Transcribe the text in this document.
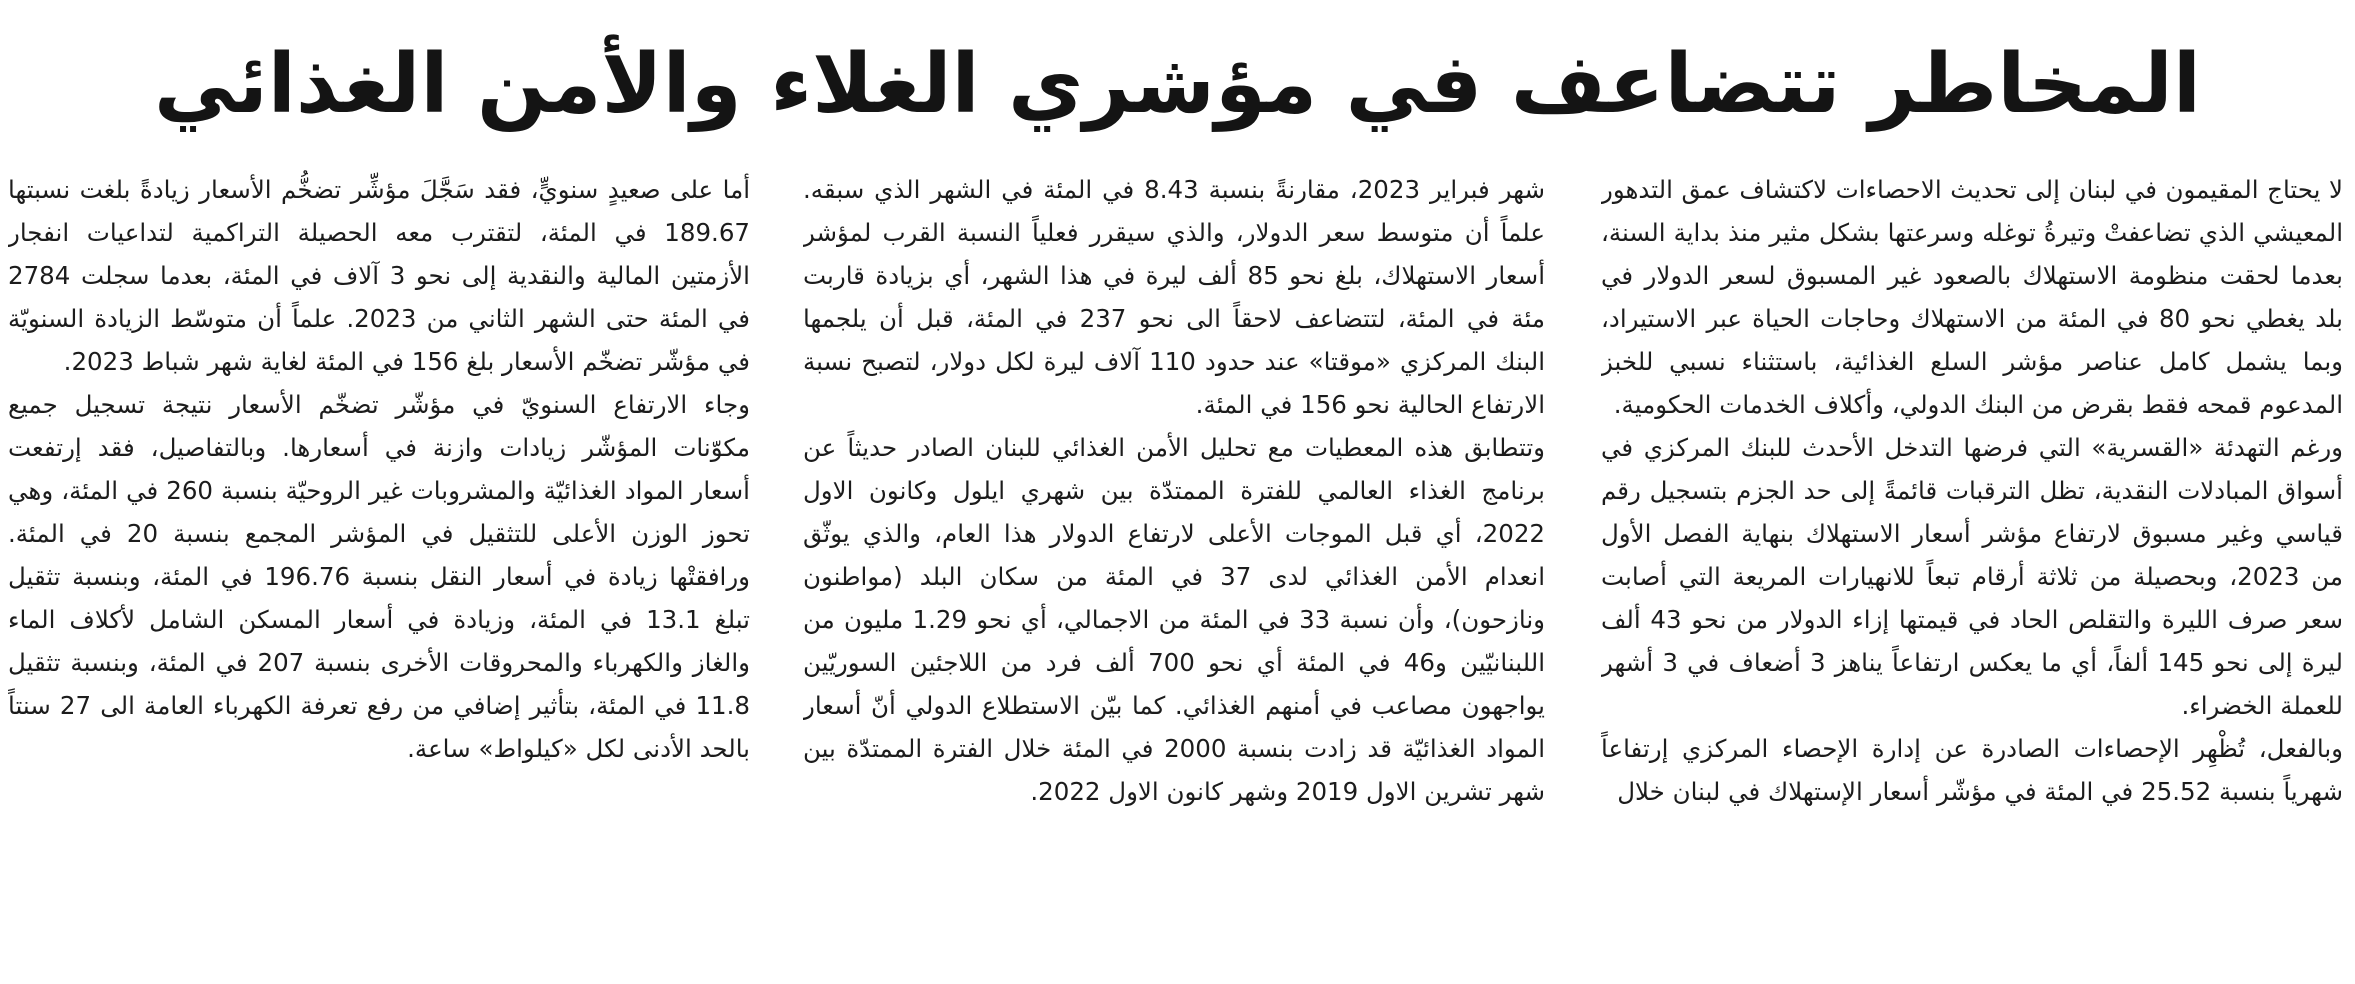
المخاطر تتضاعف في مؤشري الغلاء والأمن الغذائي

لا يحتاج المقيمون في لبنان إلى تحديث الاحصاءات لاكتشاف عمق التدهور المعيشي الذي تضاعفتْ وتيرةُ توغله وسرعتها بشكل مثير منذ بداية السنة، بعدما لحقت منظومة الاستهلاك بالصعود غير المسبوق لسعر الدولار في بلد يغطي نحو 80 في المئة من الاستهلاك وحاجات الحياة عبر الاستيراد، وبما يشمل كامل عناصر مؤشر السلع الغذائية، باستثناء نسبي للخبز المدعوم قمحه فقط بقرض من البنك الدولي، وأكلاف الخدمات الحكومية.

ورغم التهدئة «القسرية» التي فرضها التدخل الأحدث للبنك المركزي في أسواق المبادلات النقدية، تظل الترقبات قائمةً إلى حد الجزم بتسجيل رقم قياسي وغير مسبوق لارتفاع مؤشر أسعار الاستهلاك بنهاية الفصل الأول من 2023، وبحصيلة من ثلاثة أرقام تبعاً للانهيارات المريعة التي أصابت سعر صرف الليرة والتقلص الحاد في قيمتها إزاء الدولار من نحو 43 ألف ليرة إلى نحو 145 ألفاً، أي ما يعكس ارتفاعاً يناهز 3 أضعاف في 3 أشهر للعملة الخضراء.

وبالفعل، تُظْهِر الإحصاءات الصادرة عن إدارة الإحصاء المركزي إرتفاعاً شهرياً بنسبة 25.52 في المئة في مؤشّر أسعار الإستهلاك في لبنان خلال

شهر فبراير 2023، مقارنةً بنسبة 8.43 في المئة في الشهر الذي سبقه. علماً أن متوسط سعر الدولار، والذي سيقرر فعلياً النسبة القرب لمؤشر أسعار الاستهلاك، بلغ نحو 85 ألف ليرة في هذا الشهر، أي بزيادة قاربت مئة في المئة، لتتضاعف لاحقاً الى نحو 237 في المئة، قبل أن يلجمها البنك المركزي «موقتا» عند حدود 110 آلاف ليرة لكل دولار، لتصبح نسبة الارتفاع الحالية نحو 156 في المئة.

وتتطابق هذه المعطيات مع تحليل الأمن الغذائي للبنان الصادر حديثاً عن برنامج الغذاء العالمي للفترة الممتدّة بين شهري ايلول وكانون الاول 2022، أي قبل الموجات الأعلى لارتفاع الدولار هذا العام، والذي يوثّق انعدام الأمن الغذائي لدى 37 في المئة من سكان البلد (مواطنون ونازحون)، وأن نسبة 33 في المئة من الاجمالي، أي نحو 1.29 مليون من اللبنانيّين و46 في المئة أي نحو 700 ألف فرد من اللاجئين السوريّين يواجهون مصاعب في أمنهم الغذائي. كما بيّن الاستطلاع الدولي أنّ أسعار المواد الغذائيّة قد زادت بنسبة 2000 في المئة خلال الفترة الممتدّة بين شهر تشرين الاول 2019 وشهر كانون الاول 2022.

أما على صعيدٍ سنويٍّ، فقد سَجَّلَ مؤشِّر تضخُّم الأسعار زيادةً بلغت نسبتها 189.67 في المئة، لتقترب معه الحصيلة التراكمية لتداعيات انفجار الأزمتين المالية والنقدية إلى نحو 3 آلاف في المئة، بعدما سجلت 2784 في المئة حتى الشهر الثاني من 2023. علماً أن متوسّط الزيادة السنويّة في مؤشّر تضخّم الأسعار بلغ 156 في المئة لغاية شهر شباط 2023.

وجاء الارتفاع السنويّ في مؤشّر تضخّم الأسعار نتيجة تسجيل جميع مكوّنات المؤشّر زيادات وازنة في أسعارها. وبالتفاصيل، فقد إرتفعت أسعار المواد الغذائيّة والمشروبات غير الروحيّة بنسبة 260 في المئة، وهي تحوز الوزن الأعلى للتثقيل في المؤشر المجمع بنسبة 20 في المئة. ورافقتْها زيادة في أسعار النقل بنسبة 196.76 في المئة، وبنسبة تثقيل تبلغ 13.1 في المئة، وزيادة في أسعار المسكن الشامل لأكلاف الماء والغاز والكهرباء والمحروقات الأخرى بنسبة 207 في المئة، وبنسبة تثقيل 11.8 في المئة، بتأثير إضافي من رفع تعرفة الكهرباء العامة الى 27 سنتاً بالحد الأدنى لكل «كيلواط» ساعة.
